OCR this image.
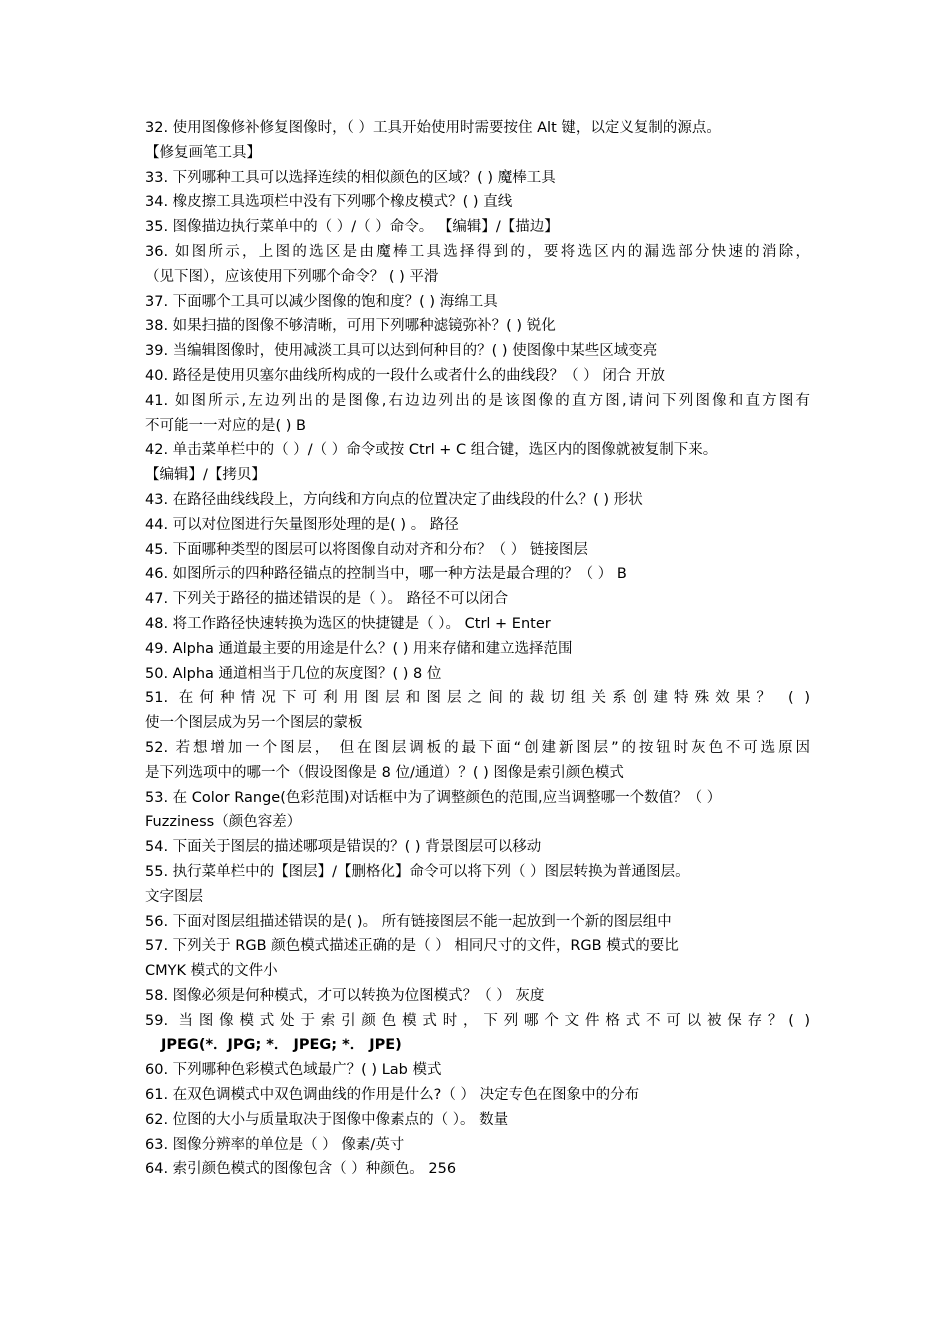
32. 使用图像修补修复图像时，（ ）工具开始使用时需要按住 Alt 键，以定义复制的源点。
【修复画笔工具】
33. 下列哪种工具可以选择连续的相似颜色的区域？( ) 魔棒工具
34. 橡皮擦工具选项栏中没有下列哪个橡皮模式？( ) 直线
35. 图像描边执行菜单中的（ ）/（ ）命令。 【编辑】/【描边】
36. 如图所示，上图的选区是由魔棒工具选择得到的，要将选区内的漏选部分快速的消除，
（见下图），应该使用下列哪个命令？ ( ) 平滑
37. 下面哪个工具可以减少图像的饱和度？( ) 海绵工具
38. 如果扫描的图像不够清晰，可用下列哪种滤镜弥补？( ) 锐化
39. 当编辑图像时，使用减淡工具可以达到何种目的？( ) 使图像中某些区域变亮
40. 路径是使用贝塞尔曲线所构成的一段什么或者什么的曲线段？（ ） 闭合 开放
41. 如图所示,左边列出的是图像,右边边列出的是该图像的直方图,请问下列图像和直方图有
不可能一一对应的是( ) B
42. 单击菜单栏中的（ ）/（ ）命令或按 Ctrl + C 组合键，选区内的图像就被复制下来。
【编辑】/【拷贝】
43. 在路径曲线线段上，方向线和方向点的位置决定了曲线段的什么？( ) 形状
44. 可以对位图进行矢量图形处理的是( ) 。 路径
45. 下面哪种类型的图层可以将图像自动对齐和分布？（ ） 链接图层
46. 如图所示的四种路径锚点的控制当中，哪一种方法是最合理的？（ ） B
47. 下列关于路径的描述错误的是（ ）。 路径不可以闭合
48. 将工作路径快速转换为选区的快捷键是（ ）。 Ctrl + Enter
49. Alpha 通道最主要的用途是什么？( ) 用来存储和建立选择范围
50. Alpha 通道相当于几位的灰度图？( ) 8 位
51. 在何种情况下可利用图层和图层之间的裁切组关系创建特殊效果？ ( )
使一个图层成为另一个图层的蒙板
52. 若想增加一个图层， 但在图层调板的最下面“创建新图层”的按钮时灰色不可选原因
是下列选项中的哪一个（假设图像是 8 位/通道）？( ) 图像是索引颜色模式
53. 在 Color Range(色彩范围)对话框中为了调整颜色的范围,应当调整哪一个数值？（ ）
Fuzziness（颜色容差）
54. 下面关于图层的描述哪项是错误的？( ) 背景图层可以移动
55. 执行菜单栏中的【图层】/【删格化】命令可以将下列（ ）图层转换为普通图层。
文字图层
56. 下面对图层组描述错误的是( )。 所有链接图层不能一起放到一个新的图层组中
57. 下列关于 RGB 颜色模式描述正确的是（ ） 相同尺寸的文件，RGB 模式的要比
CMYK 模式的文件小
58. 图像必须是何种模式，才可以转换为位图模式？（ ） 灰度
59. 当图像模式处于索引颜色模式时，下列哪个文件格式不可以被保存？( )
JPEG(*．JPG; *． JPEG; *． JPE)
60. 下列哪种色彩模式色域最广？( ) Lab 模式
61. 在双色调模式中双色调曲线的作用是什么?（ ） 决定专色在图象中的分布
62. 位图的大小与质量取决于图像中像素点的（ ）。 数量
63. 图像分辨率的单位是（ ） 像素/英寸
64. 索引颜色模式的图像包含（ ）种颜色。 256
